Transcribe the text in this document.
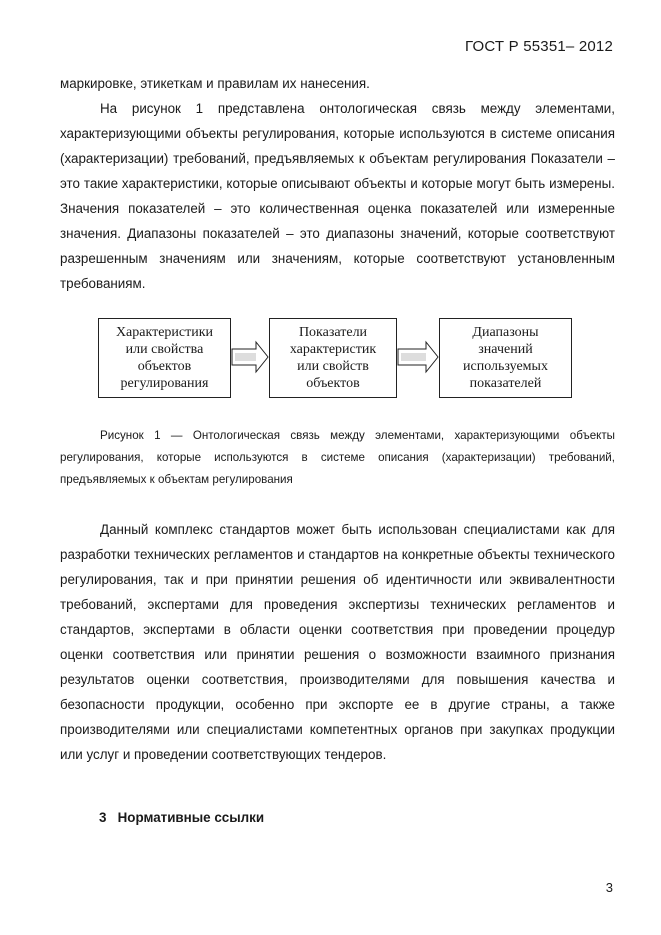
ГОСТ Р 55351– 2012

маркировке, этикеткам и правилам их нанесения.

На рисунок 1 представлена онтологическая связь между элементами, характеризующими объекты регулирования, которые используются в системе описания (характеризации) требований, предъявляемых к объектам регулирования Показатели – это такие характеристики, которые описывают объекты и которые могут быть измерены. Значения показателей – это количественная оценка показателей или измеренные значения. Диапазоны показателей – это диапазоны значений, которые соответствуют разрешенным значениям или значениям, которые соответствуют установленным требованиям.

Характеристики
или свойства
объектов
регулирования
Показатели
характеристик
или свойств
объектов
Диапазоны
значений
используемых
показателей
Рисунок 1 — Онтологическая связь между элементами, характеризующими объекты регулирования, которые используются в системе описания (характеризации) требований, предъявляемых к объектам регулирования

Данный комплекс стандартов может быть использован специалистами как для разработки технических регламентов и стандартов на конкретные объекты технического регулирования, так и при принятии решения об идентичности или эквивалентности требований, экспертами для проведения экспертизы технических регламентов и стандартов, экспертами в области оценки соответствия при проведении процедур оценки соответствия или принятии решения о возможности взаимного признания результатов оценки соответствия, производителями для повышения качества и безопасности продукции, особенно при экспорте ее в другие страны, а также производителями или специалистами компетентных органов при закупках продукции или услуг и проведении соответствующих тендеров.

3   Нормативные ссылки
3
